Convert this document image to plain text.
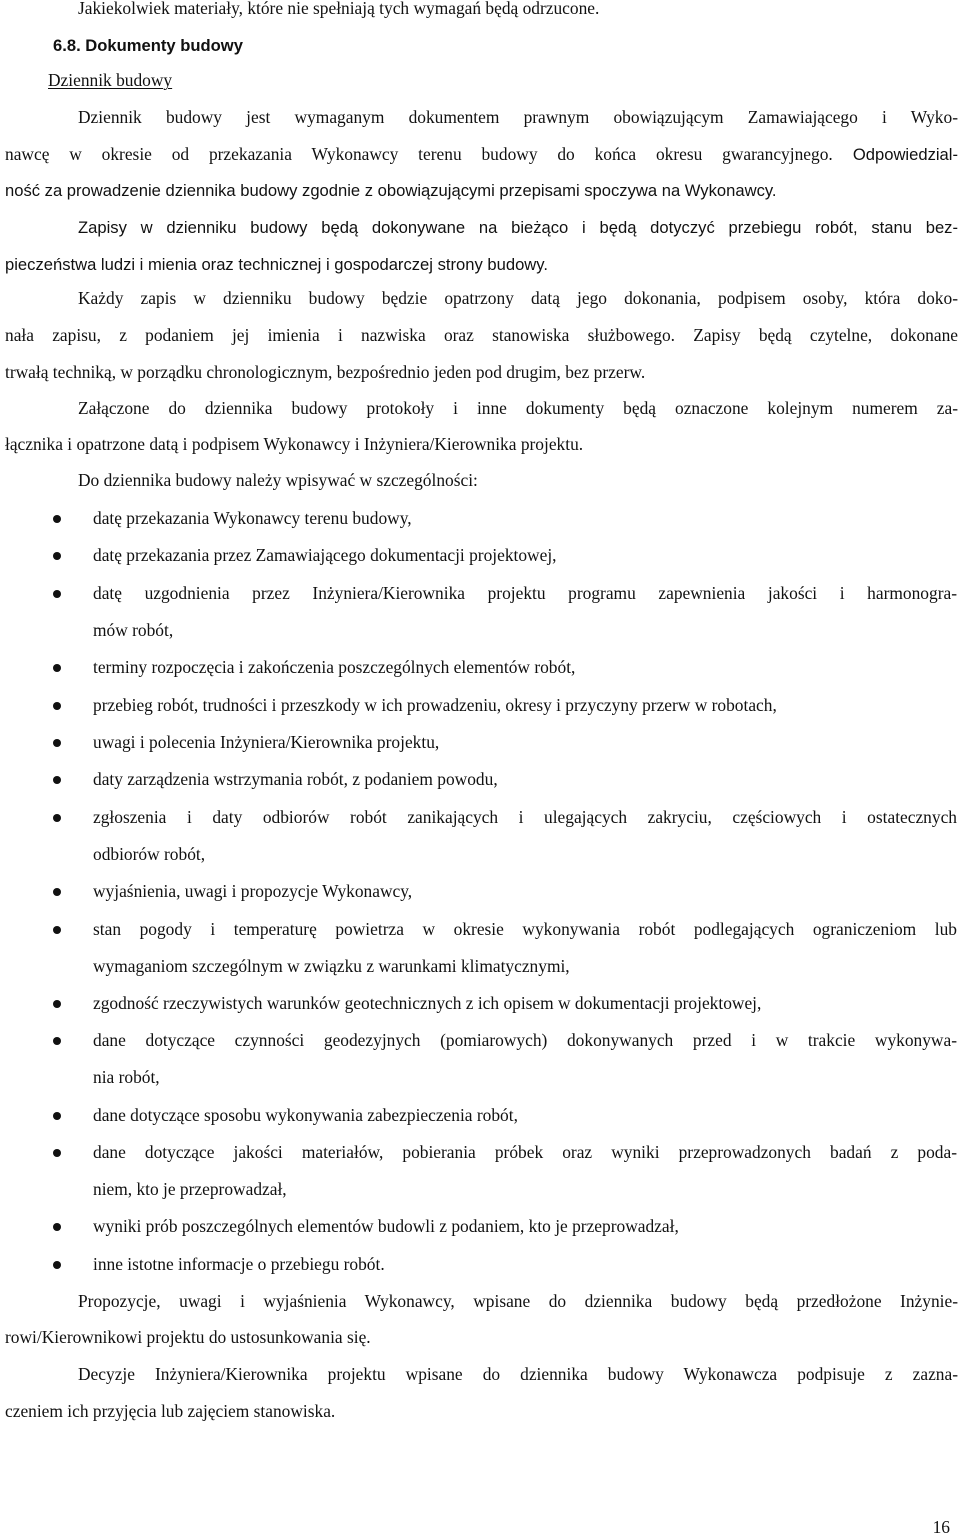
Jakiekolwiek materiały, które nie spełniają tych wymagań będą odrzucone.
6.8. Dokumenty budowy
Dziennik budowy
Dziennik budowy jest wymaganym dokumentem prawnym obowiązującym Zamawiającego i Wyko-
nawcę w okresie od przekazania Wykonawcy terenu budowy do końca okresu gwarancyjnego. Odpowiedzial-
ność za prowadzenie dziennika budowy zgodnie z obowiązującymi przepisami spoczywa na Wykonawcy.
Zapisy w dzienniku budowy będą dokonywane na bieżąco i będą dotyczyć przebiegu robót, stanu bez-
pieczeństwa ludzi i mienia oraz technicznej i gospodarczej strony budowy.
Każdy zapis w dzienniku budowy będzie opatrzony datą jego dokonania, podpisem osoby, która doko-
nała zapisu, z podaniem jej imienia i nazwiska oraz stanowiska służbowego. Zapisy będą czytelne, dokonane
trwałą techniką, w porządku chronologicznym, bezpośrednio jeden pod drugim, bez przerw.
Załączone do dziennika budowy protokoły i inne dokumenty będą oznaczone kolejnym numerem za-
łącznika i opatrzone datą i podpisem Wykonawcy i Inżyniera/Kierownika projektu.
Do dziennika budowy należy wpisywać w szczególności:
datę przekazania Wykonawcy terenu budowy,
datę przekazania przez Zamawiającego dokumentacji projektowej,
datę uzgodnienia przez Inżyniera/Kierownika projektu programu zapewnienia jakości i harmonogra-
mów robót,
terminy rozpoczęcia i zakończenia poszczególnych elementów robót,
przebieg robót, trudności i przeszkody w ich prowadzeniu, okresy i przyczyny przerw w robotach,
uwagi i polecenia Inżyniera/Kierownika projektu,
daty zarządzenia wstrzymania robót, z podaniem powodu,
zgłoszenia i daty odbiorów robót zanikających i ulegających zakryciu, częściowych i ostatecznych
odbiorów robót,
wyjaśnienia, uwagi i propozycje Wykonawcy,
stan pogody i temperaturę powietrza w okresie wykonywania robót podlegających ograniczeniom lub
wymaganiom szczególnym w związku z warunkami klimatycznymi,
zgodność rzeczywistych warunków geotechnicznych z ich opisem w dokumentacji projektowej,
dane dotyczące czynności geodezyjnych (pomiarowych) dokonywanych przed i w trakcie wykonywa-
nia robót,
dane dotyczące sposobu wykonywania zabezpieczenia robót,
dane dotyczące jakości materiałów, pobierania próbek oraz wyniki przeprowadzonych badań z poda-
niem, kto je przeprowadzał,
wyniki prób poszczególnych elementów budowli z podaniem, kto je przeprowadzał,
inne istotne informacje o przebiegu robót.
Propozycje, uwagi i wyjaśnienia Wykonawcy, wpisane do dziennika budowy będą przedłożone Inżynie-
rowi/Kierownikowi projektu do ustosunkowania się.
Decyzje Inżyniera/Kierownika projektu wpisane do dziennika budowy Wykonawcza podpisuje z zazna-
czeniem ich przyjęcia lub zajęciem stanowiska.
16
